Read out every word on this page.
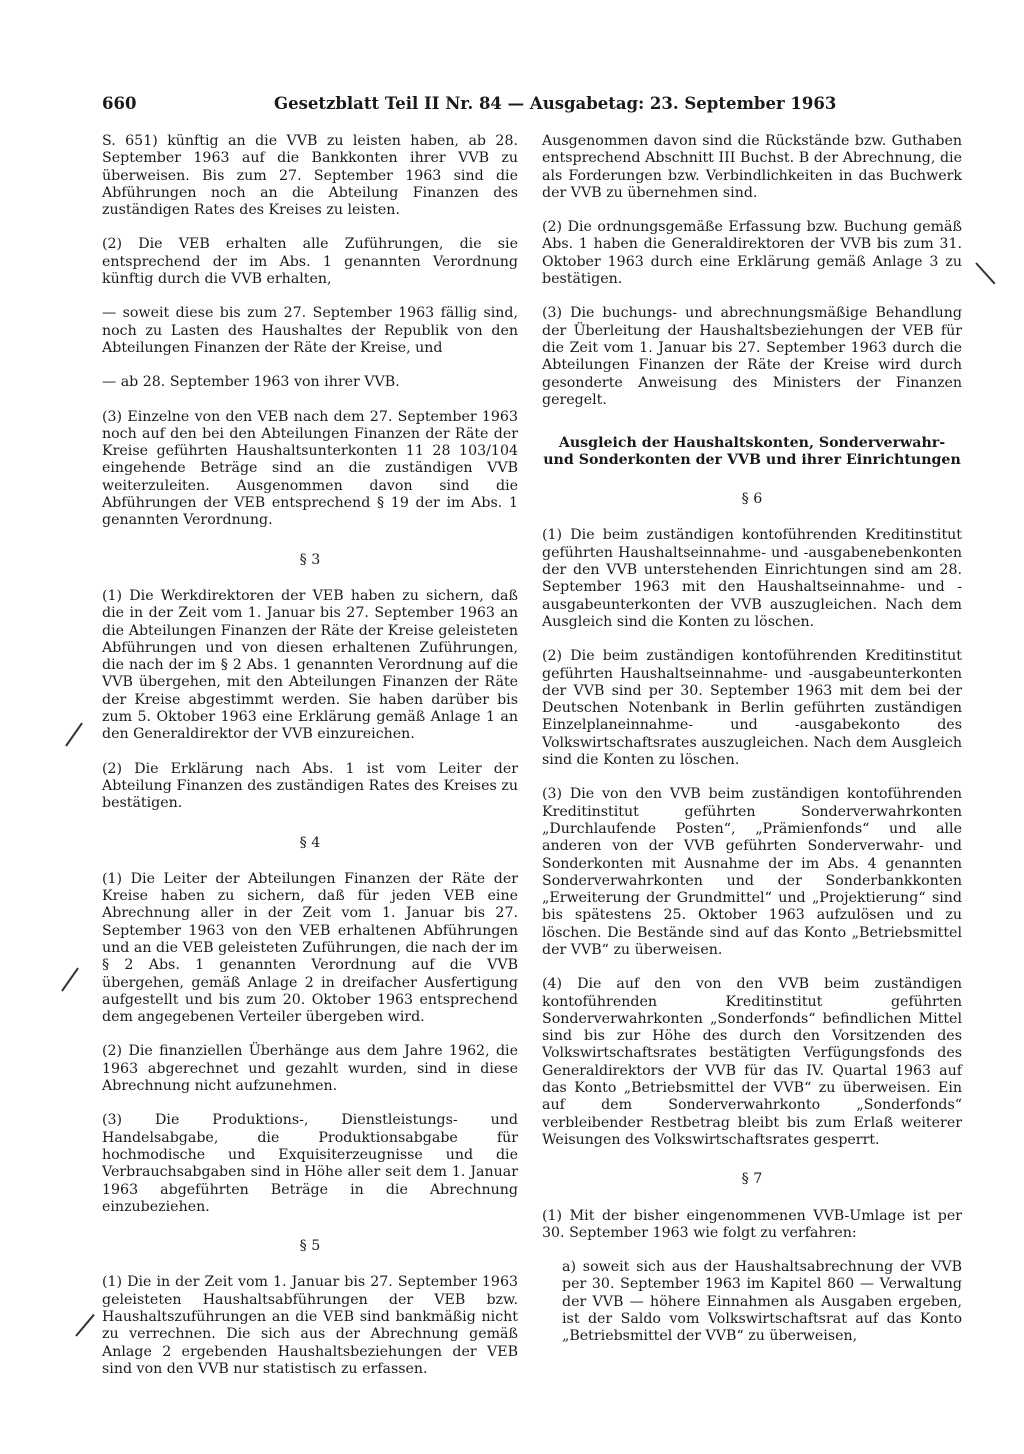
660	Gesetzblatt Teil II Nr. 84 — Ausgabetag: 23. September 1963

S. 651) künftig an die VVB zu leisten haben, ab 28. September 1963 auf die Bankkonten ihrer VVB zu überweisen. Bis zum 27. September 1963 sind die Abführungen noch an die Abteilung Finanzen des zuständigen Rates des Kreises zu leisten.

(2) Die VEB erhalten alle Zuführungen, die sie entsprechend der im Abs. 1 genannten Verordnung künftig durch die VVB erhalten,

— soweit diese bis zum 27. September 1963 fällig sind, noch zu Lasten des Haushaltes der Republik von den Abteilungen Finanzen der Räte der Kreise, und
— ab 28. September 1963 von ihrer VVB.

(3) Einzelne von den VEB nach dem 27. September 1963 noch auf den bei den Abteilungen Finanzen der Räte der Kreise geführten Haushaltsunterkonten 11 28 103/104 eingehende Beträge sind an die zuständigen VVB weiterzuleiten. Ausgenommen davon sind die Abführungen der VEB entsprechend § 19 der im Abs. 1 genannten Verordnung.

§ 3

(1) Die Werkdirektoren der VEB haben zu sichern, daß die in der Zeit vom 1. Januar bis 27. September 1963 an die Abteilungen Finanzen der Räte der Kreise geleisteten Abführungen und von diesen erhaltenen Zuführungen, die nach der im § 2 Abs. 1 genannten Verordnung auf die VVB übergehen, mit den Abteilungen Finanzen der Räte der Kreise abgestimmt werden. Sie haben darüber bis zum 5. Oktober 1963 eine Erklärung gemäß Anlage 1 an den Generaldirektor der VVB einzureichen.

(2) Die Erklärung nach Abs. 1 ist vom Leiter der Abteilung Finanzen des zuständigen Rates des Kreises zu bestätigen.

§ 4

(1) Die Leiter der Abteilungen Finanzen der Räte der Kreise haben zu sichern, daß für jeden VEB eine Abrechnung aller in der Zeit vom 1. Januar bis 27. September 1963 von den VEB erhaltenen Abführungen und an die VEB geleisteten Zuführungen, die nach der im § 2 Abs. 1 genannten Verordnung auf die VVB übergehen, gemäß Anlage 2 in dreifacher Ausfertigung aufgestellt und bis zum 20. Oktober 1963 entsprechend dem angegebenen Verteiler übergeben wird.

(2) Die finanziellen Überhänge aus dem Jahre 1962, die 1963 abgerechnet und gezahlt wurden, sind in diese Abrechnung nicht aufzunehmen.

(3) Die Produktions-, Dienstleistungs- und Handelsabgabe, die Produktionsabgabe für hochmodische und Exquisiterzeugnisse und die Verbrauchsabgaben sind in Höhe aller seit dem 1. Januar 1963 abgeführten Beträge in die Abrechnung einzubeziehen.

§ 5

(1) Die in der Zeit vom 1. Januar bis 27. September 1963 geleisteten Haushaltsabführungen der VEB bzw. Haushaltszuführungen an die VEB sind bankmäßig nicht zu verrechnen. Die sich aus der Abrechnung gemäß Anlage 2 ergebenden Haushaltsbeziehungen der VEB sind von den VVB nur statistisch zu erfassen.

Ausgenommen davon sind die Rückstände bzw. Guthaben entsprechend Abschnitt III Buchst. B der Abrechnung, die als Forderungen bzw. Verbindlichkeiten in das Buchwerk der VVB zu übernehmen sind.

(2) Die ordnungsgemäße Erfassung bzw. Buchung gemäß Abs. 1 haben die Generaldirektoren der VVB bis zum 31. Oktober 1963 durch eine Erklärung gemäß Anlage 3 zu bestätigen.

(3) Die buchungs- und abrechnungsmäßige Behandlung der Überleitung der Haushaltsbeziehungen der VEB für die Zeit vom 1. Januar bis 27. September 1963 durch die Abteilungen Finanzen der Räte der Kreise wird durch gesonderte Anweisung des Ministers der Finanzen geregelt.

Ausgleich der Haushaltskonten, Sonderverwahr- und Sonderkonten der VVB und ihrer Einrichtungen
§ 6

(1) Die beim zuständigen kontoführenden Kreditinstitut geführten Haushaltseinnahme- und -ausgabenebenkonten der den VVB unterstehenden Einrichtungen sind am 28. September 1963 mit den Haushaltseinnahme- und -ausgabeunterkonten der VVB auszugleichen. Nach dem Ausgleich sind die Konten zu löschen.

(2) Die beim zuständigen kontoführenden Kreditinstitut geführten Haushaltseinnahme- und -ausgabeunterkonten der VVB sind per 30. September 1963 mit dem bei der Deutschen Notenbank in Berlin geführten zuständigen Einzelplaneinnahme- und -ausgabekonto des Volkswirtschaftsrates auszugleichen. Nach dem Ausgleich sind die Konten zu löschen.

(3) Die von den VVB beim zuständigen kontoführenden Kreditinstitut geführten Sonderverwahrkonten „Durchlaufende Posten“, „Prämienfonds“ und alle anderen von der VVB geführten Sonderverwahr- und Sonderkonten mit Ausnahme der im Abs. 4 genannten Sonderverwahrkonten und der Sonderbankkonten „Erweiterung der Grundmittel“ und „Projektierung“ sind bis spätestens 25. Oktober 1963 aufzulösen und zu löschen. Die Bestände sind auf das Konto „Betriebsmittel der VVB“ zu überweisen.

(4) Die auf den von den VVB beim zuständigen kontoführenden Kreditinstitut geführten Sonderverwahrkonten „Sonderfonds“ befindlichen Mittel sind bis zur Höhe des durch den Vorsitzenden des Volkswirtschaftsrates bestätigten Verfügungsfonds des Generaldirektors der VVB für das IV. Quartal 1963 auf das Konto „Betriebsmittel der VVB“ zu überweisen. Ein auf dem Sonderverwahrkonto „Sonderfonds“ verbleibender Restbetrag bleibt bis zum Erlaß weiterer Weisungen des Volkswirtschaftsrates gesperrt.

§ 7

(1) Mit der bisher eingenommenen VVB-Umlage ist per 30. September 1963 wie folgt zu verfahren:

a) soweit sich aus der Haushaltsabrechnung der VVB per 30. September 1963 im Kapitel 860 — Verwaltung der VVB — höhere Einnahmen als Ausgaben ergeben, ist der Saldo vom Volkswirtschaftsrat auf das Konto „Betriebsmittel der VVB“ zu überweisen,
